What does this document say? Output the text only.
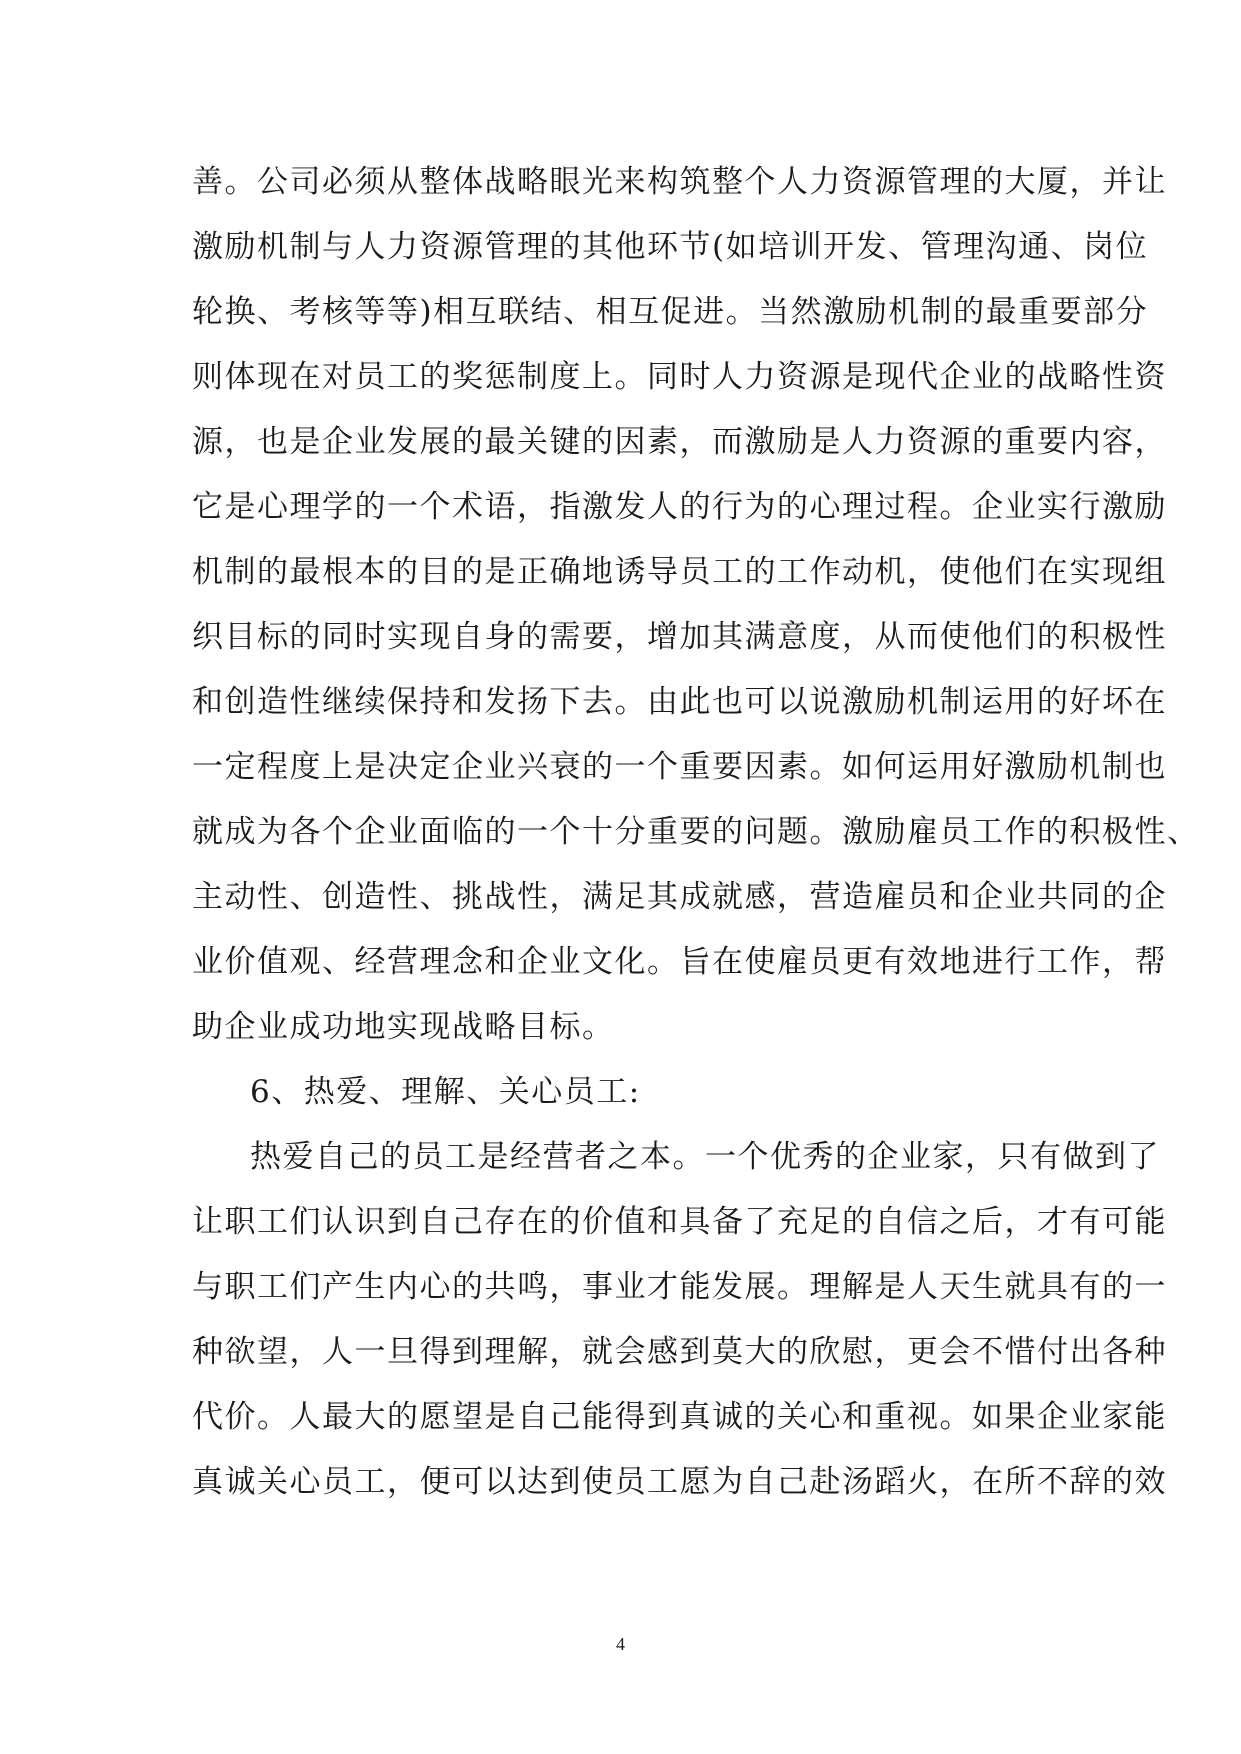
善。公司必须从整体战略眼光来构筑整个人力资源管理的大厦，并让
激励机制与人力资源管理的其他环节(如培训开发、管理沟通、岗位
轮换、考核等等)相互联结、相互促进。当然激励机制的最重要部分
则体现在对员工的奖惩制度上。同时人力资源是现代企业的战略性资
源，也是企业发展的最关键的因素，而激励是人力资源的重要内容，
它是心理学的一个术语，指激发人的行为的心理过程。企业实行激励
机制的最根本的目的是正确地诱导员工的工作动机，使他们在实现组
织目标的同时实现自身的需要，增加其满意度，从而使他们的积极性
和创造性继续保持和发扬下去。由此也可以说激励机制运用的好坏在
一定程度上是决定企业兴衰的一个重要因素。如何运用好激励机制也
就成为各个企业面临的一个十分重要的问题。激励雇员工作的积极性、
主动性、创造性、挑战性，满足其成就感，营造雇员和企业共同的企
业价值观、经营理念和企业文化。旨在使雇员更有效地进行工作，帮
助企业成功地实现战略目标。
6、热爱、理解、关心员工:
热爱自己的员工是经营者之本。一个优秀的企业家，只有做到了
让职工们认识到自己存在的价值和具备了充足的自信之后，才有可能
与职工们产生内心的共鸣，事业才能发展。理解是人天生就具有的一
种欲望，人一旦得到理解，就会感到莫大的欣慰，更会不惜付出各种
代价。人最大的愿望是自己能得到真诚的关心和重视。如果企业家能
真诚关心员工，便可以达到使员工愿为自己赴汤蹈火，在所不辞的效
4
